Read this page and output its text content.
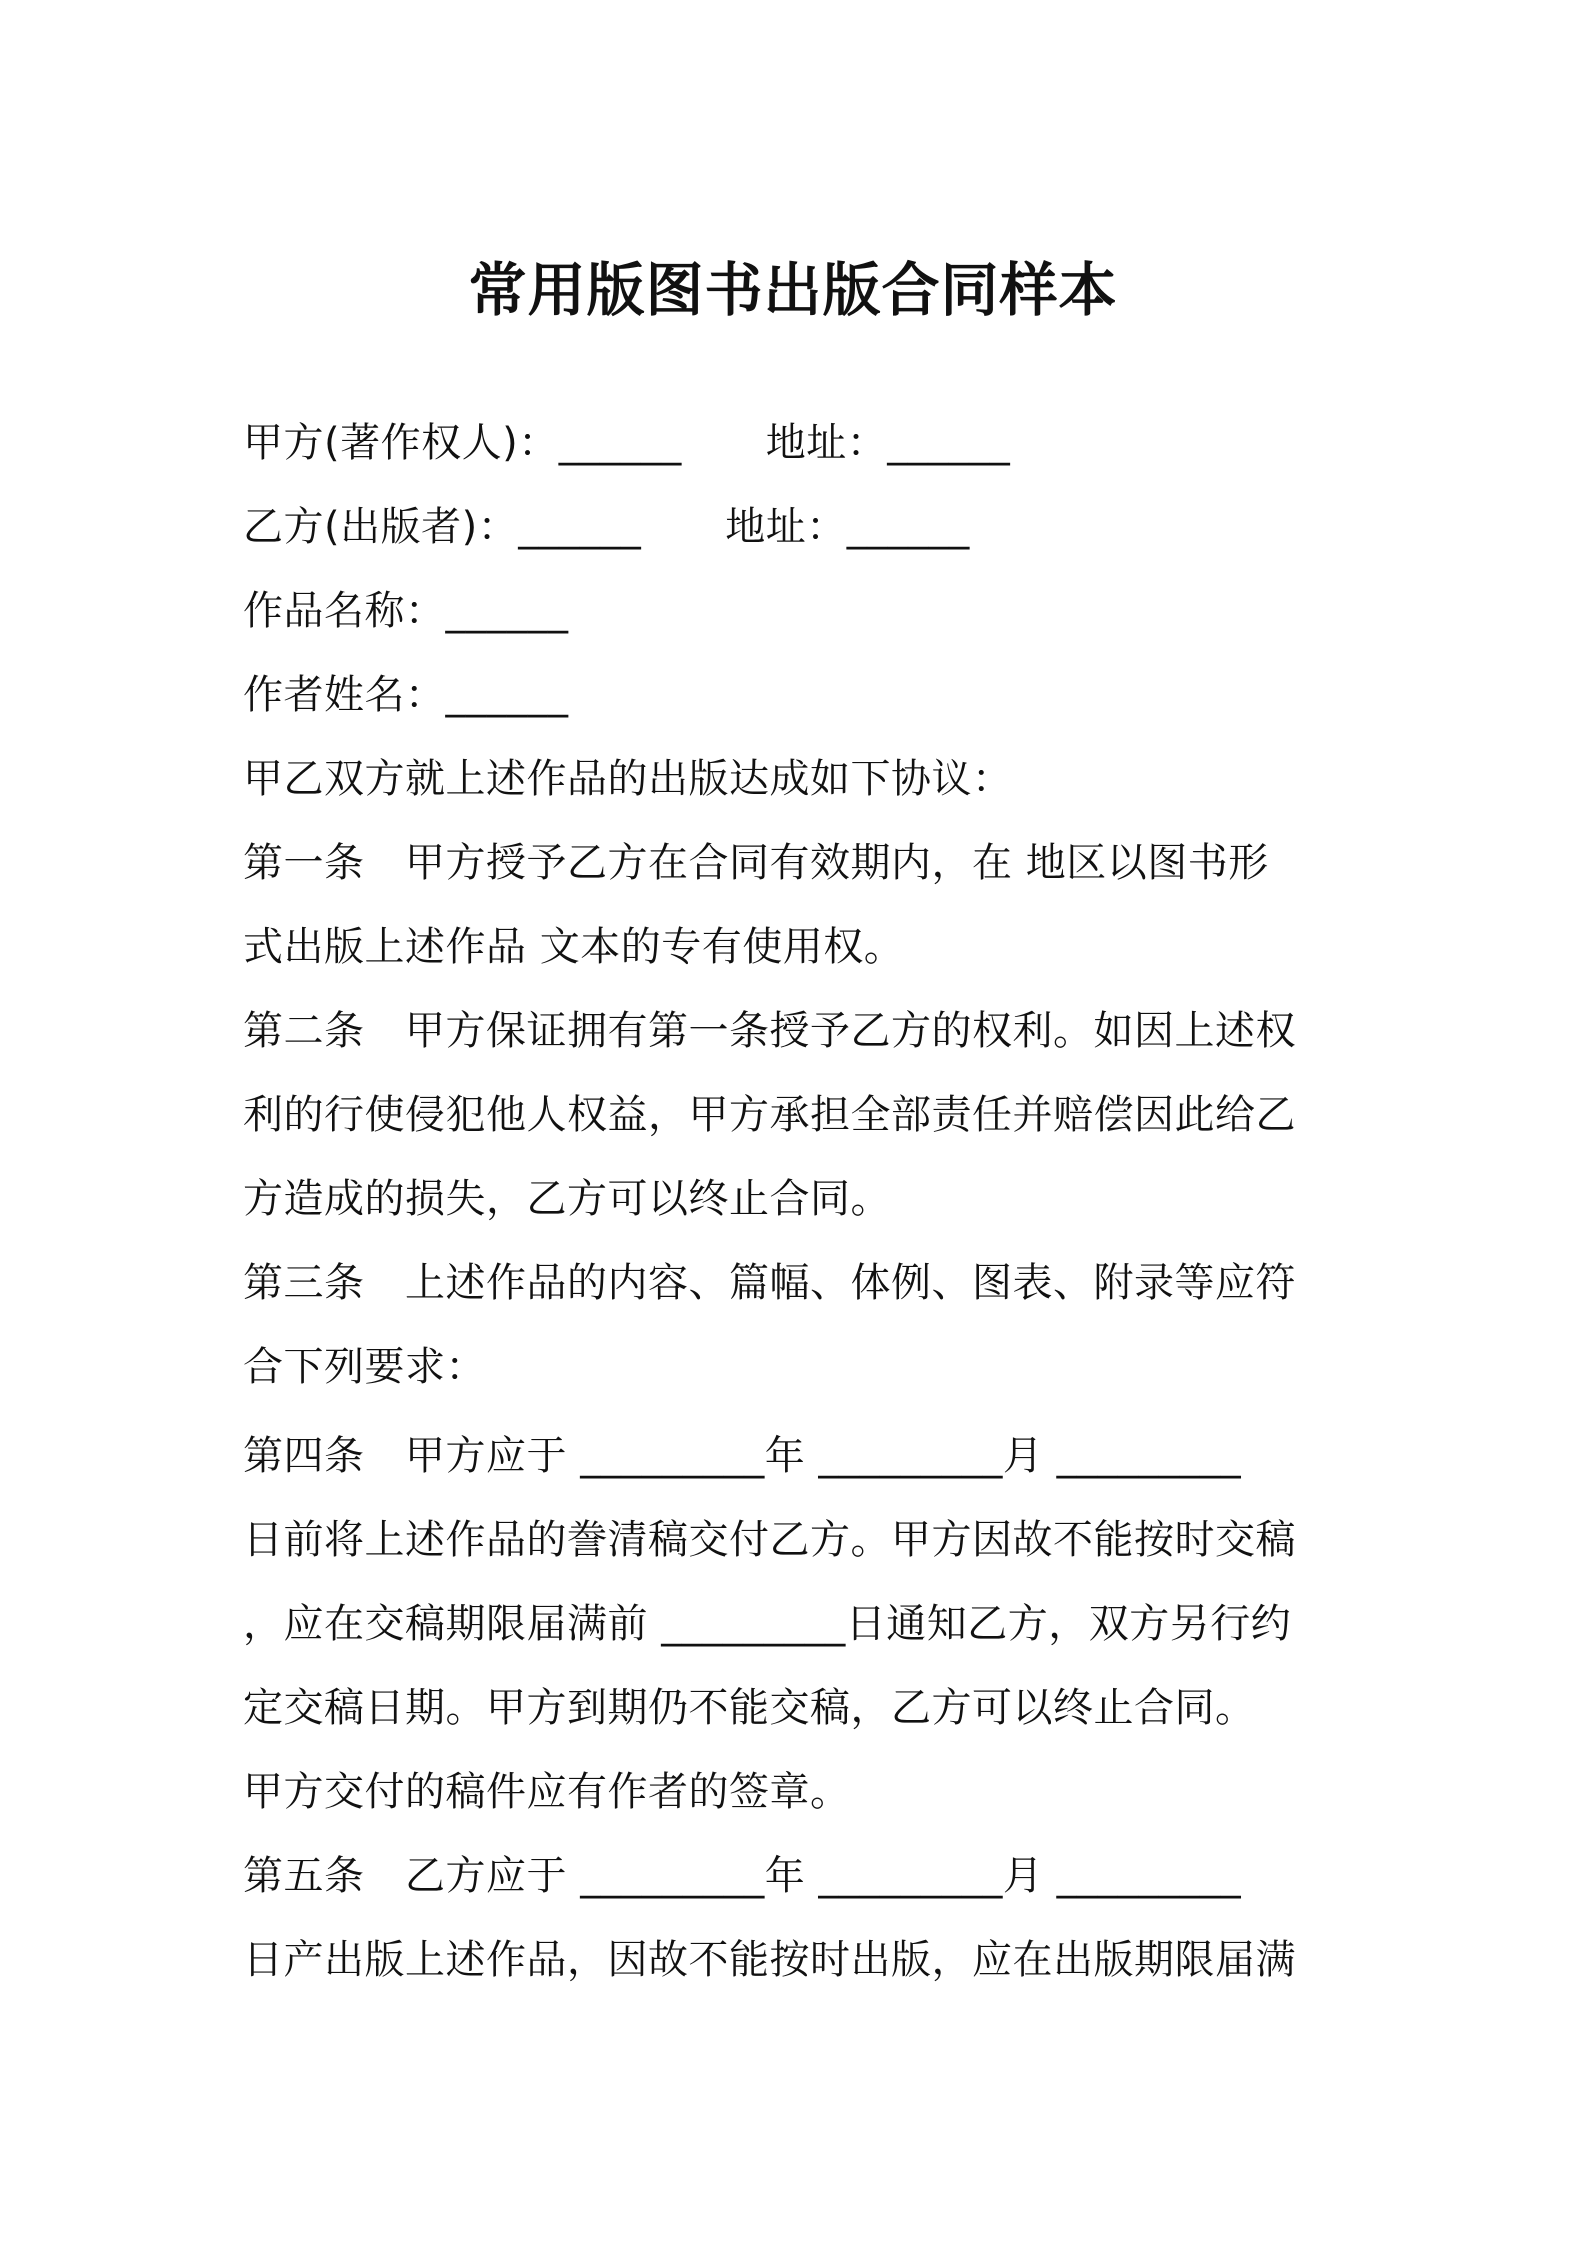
常用版图书出版合同样本
甲方(著作权人)：______ 地址：______
乙方(出版者)：______ 地址：______
作品名称：______
作者姓名：______
甲乙双方就上述作品的出版达成如下协议：
第一条　甲方授予乙方在合同有效期内，在 地区以图书形
式出版上述作品 文本的专有使用权。
第二条　甲方保证拥有第一条授予乙方的权利。如因上述权
利的行使侵犯他人权益，甲方承担全部责任并赔偿因此给乙
方造成的损失，乙方可以终止合同。
第三条　上述作品的内容、篇幅、体例、图表、附录等应符
合下列要求：
第四条　甲方应于 _________年 _________月 _________
日前将上述作品的誊清稿交付乙方。甲方因故不能按时交稿
，应在交稿期限届满前 _________日通知乙方，双方另行约
定交稿日期。甲方到期仍不能交稿，乙方可以终止合同。
甲方交付的稿件应有作者的签章。
第五条　乙方应于 _________年 _________月 _________
日产出版上述作品，因故不能按时出版，应在出版期限届满
